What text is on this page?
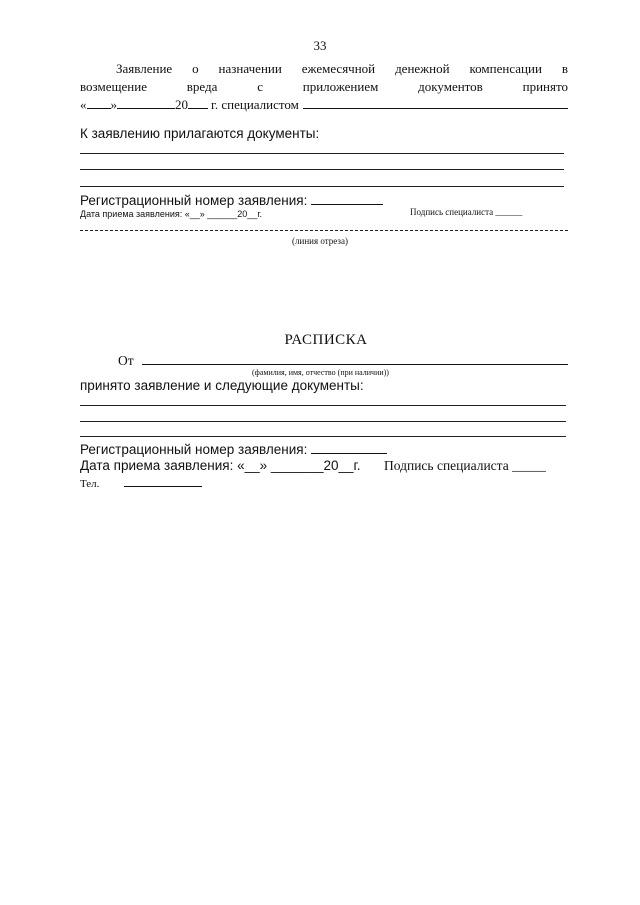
33
Заявление о назначении ежемесячной денежной компенсации в
возмещение	вреда	с	приложением	документов	принято
« »	20 г. специалистом
К заявлению прилагаются документы:
Регистрационный номер заявления:
Дата приема заявления: «__» ______20__г.	Подпись специалиста ______
(линия отреза)
РАСПИСКА
От
(фамилия, имя, отчество (при наличии))
принято заявление и следующие документы:
Регистрационный номер заявления:
Дата приема заявления: «__» _______20__г. Подпись специалиста _____
Тел.
